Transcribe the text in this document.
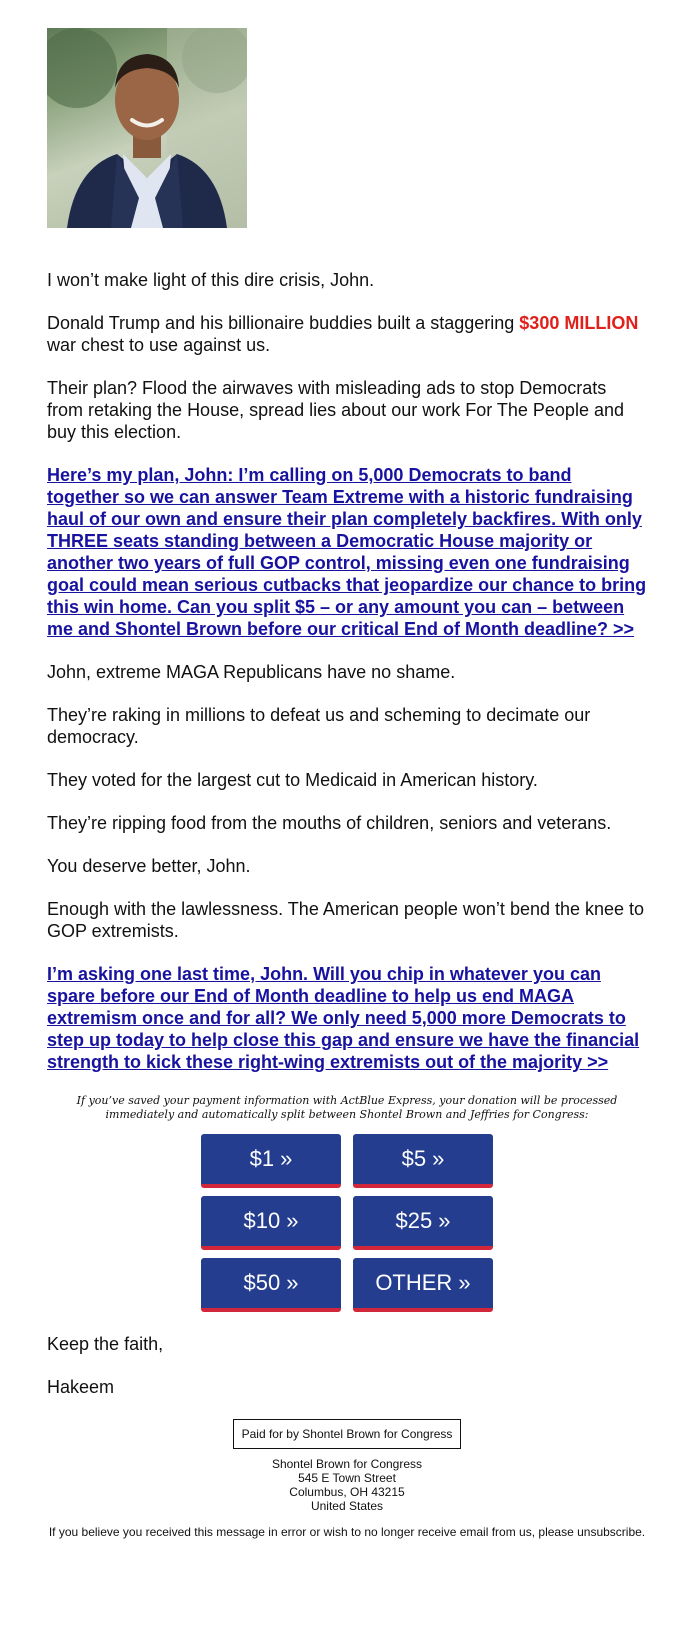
I won’t make light of this dire crisis, John.

Donald Trump and his billionaire buddies built a staggering $300 MILLION war chest to use against us.

Their plan? Flood the airwaves with misleading ads to stop Democrats from retaking the House, spread lies about our work For The People and buy this election.

Here’s my plan, John: I’m calling on 5,000 Democrats to band together so we can answer Team Extreme with a historic fundraising haul of our own and ensure their plan completely backfires. With only THREE seats standing between a Democratic House majority or another two years of full GOP control, missing even one fundraising goal could mean serious cutbacks that jeopardize our chance to bring this win home. Can you split $5 – or any amount you can – between me and Shontel Brown before our critical End of Month deadline? >>

John, extreme MAGA Republicans have no shame.

They’re raking in millions to defeat us and scheming to decimate our democracy.

They voted for the largest cut to Medicaid in American history.

They’re ripping food from the mouths of children, seniors and veterans.

You deserve better, John.

Enough with the lawlessness. The American people won’t bend the knee to GOP extremists.

I’m asking one last time, John. Will you chip in whatever you can spare before our End of Month deadline to help us end MAGA extremism once and for all? We only need 5,000 more Democrats to step up today to help close this gap and ensure we have the financial strength to kick these right-wing extremists out of the majority >>

If you’ve saved your payment information with ActBlue Express, your donation will be processed immediately and automatically split between Shontel Brown and Jeffries for Congress:
$1 »	$5 »
$10 »	$25 »
$50 »	OTHER »

Keep the faith,

Hakeem

Paid for by Shontel Brown for Congress
Shontel Brown for Congress
545 E Town Street
Columbus, OH 43215
United States
If you believe you received this message in error or wish to no longer receive email from us, please unsubscribe.
